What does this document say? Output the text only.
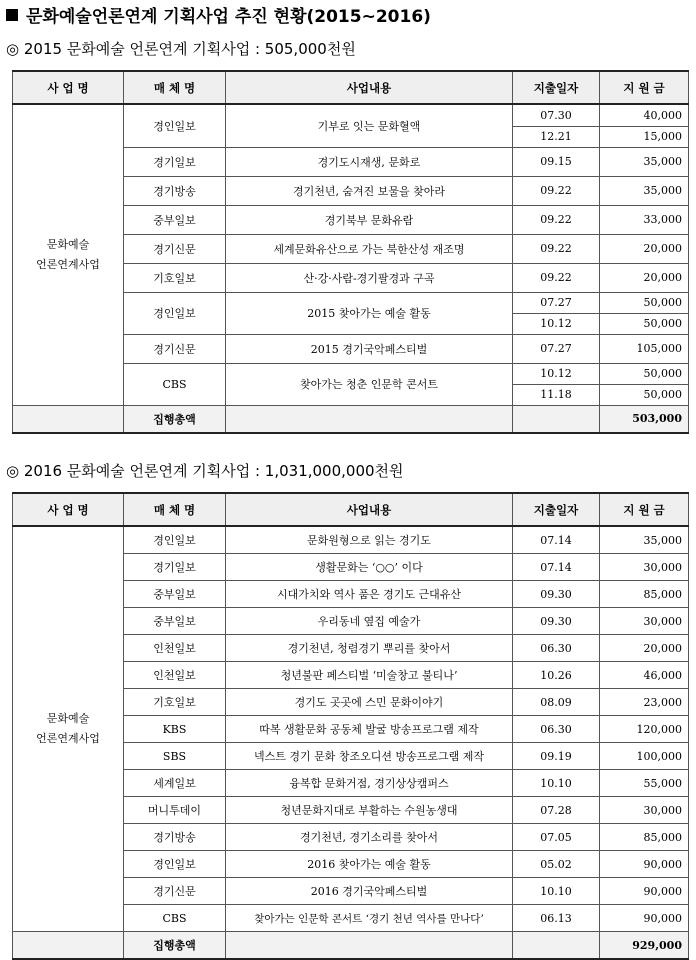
문화예술언론연계 기획사업 추진 현황(2015~2016)
◎ 2015 문화예술 언론연계 기획사업 : 505,000천원
사 업 명	매 체 명	사업내용	지출일자	지 원 금
문화예술
언론연계사업	경인일보	기부로 잇는 문화혈액	07.30	40,000
			12.21	15,000
	경기일보	경기도시재생, 문화로	09.15	35,000
	경기방송	경기천년, 숨겨진 보물을 찾아라	09.22	35,000
	중부일보	경기북부 문화유람	09.22	33,000
	경기신문	세계문화유산으로 가는 북한산성 재조명	09.22	20,000
	기호일보	산·강·사람-경기팔경과 구곡	09.22	20,000
	경인일보	2015 찾아가는 예술 활동	07.27	50,000
			10.12	50,000
	경기신문	2015 경기국악페스티벌	07.27	105,000
	CBS	찾아가는 청춘 인문학 콘서트	10.12	50,000
			11.18	50,000
	집행총액			503,000
◎ 2016 문화예술 언론연계 기획사업 : 1,031,000,000천원
사 업 명	매 체 명	사업내용	지출일자	지 원 금
문화예술
언론연계사업	경인일보	문화원형으로 읽는 경기도	07.14	35,000
	경기일보	생활문화는 ‘○○’ 이다	07.14	30,000
	중부일보	시대가치와 역사 품은 경기도 근대유산	09.30	85,000
	중부일보	우리동네 옆집 예술가	09.30	30,000
	인천일보	경기천년, 청렴경기 뿌리를 찾아서	06.30	20,000
	인천일보	청년불판 페스티벌 ‘미술창고 불티나’	10.26	46,000
	기호일보	경기도 곳곳에 스민 문화이야기	08.09	23,000
	KBS	따복 생활문화 공동체 발굴 방송프로그램 제작	06.30	120,000
	SBS	넥스트 경기 문화 창조오디션 방송프로그램 제작	09.19	100,000
	세계일보	융복합 문화거점, 경기상상캠퍼스	10.10	55,000
	머니투데이	청년문화지대로 부활하는 수원농생대	07.28	30,000
	경기방송	경기천년, 경기소리를 찾아서	07.05	85,000
	경인일보	2016 찾아가는 예술 활동	05.02	90,000
	경기신문	2016 경기국악페스티벌	10.10	90,000
	CBS	찾아가는 인문학 콘서트 ‘경기 천년 역사를 만나다’	06.13	90,000
	집행총액			929,000
